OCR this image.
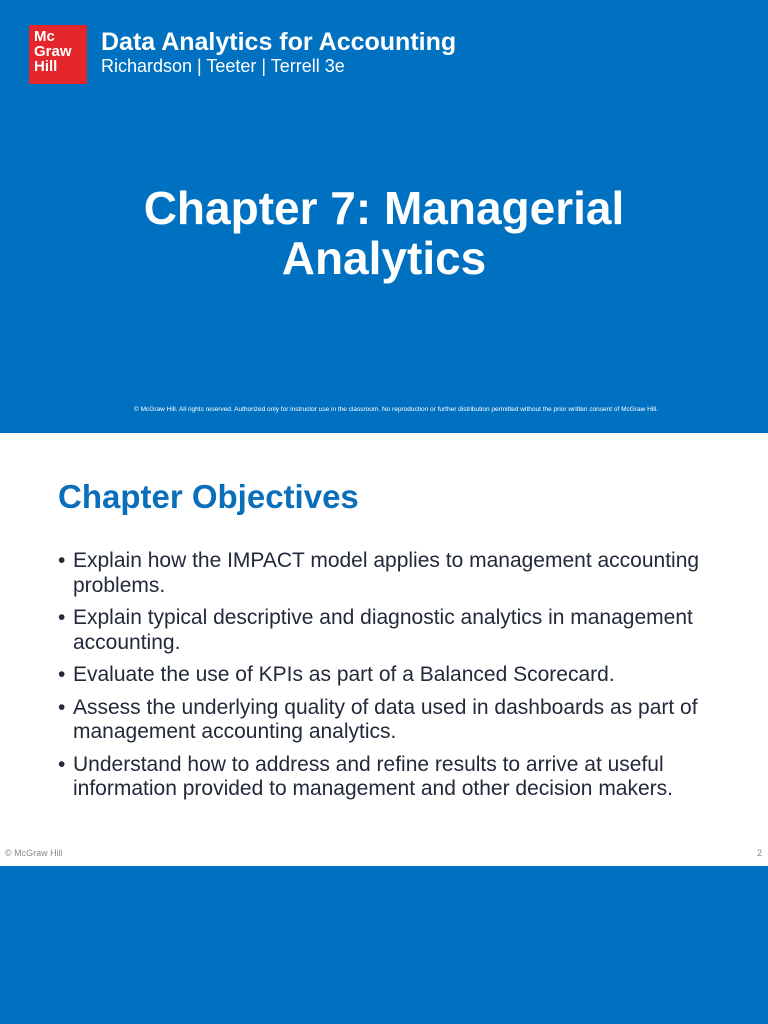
Mc
Graw
Hill
Data Analytics for Accounting
Richardson | Teeter | Terrell 3e
Chapter 7: Managerial
Analytics
© McGraw Hill. All rights reserved. Authorized only for instructor use in the classroom. No reproduction or further distribution permitted without the prior written consent of McGraw Hill.
Chapter Objectives
• Explain how the IMPACT model applies to management accounting problems.
• Explain typical descriptive and diagnostic analytics in management accounting.
• Evaluate the use of KPIs as part of a Balanced Scorecard.
• Assess the underlying quality of data used in dashboards as part of management accounting analytics.
• Understand how to address and refine results to arrive at useful information provided to management and other decision makers.
© McGraw Hill	2
